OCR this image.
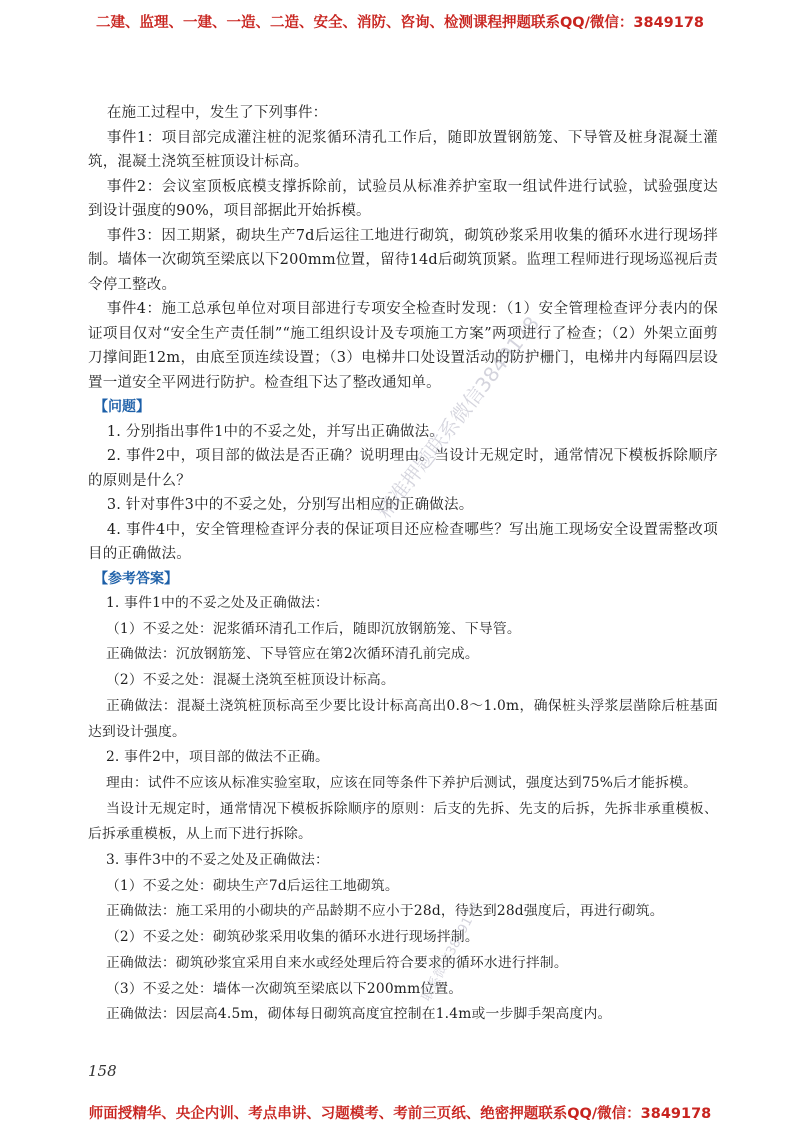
二建、监理、一建、一造、二造、安全、消防、咨询、检测课程押题联系QQ/微信：3849178

在施工过程中，发生了下列事件：

事件1：项目部完成灌注桩的泥浆循环清孔工作后，随即放置钢筋笼、下导管及桩身混凝土灌筑，混凝土浇筑至桩顶设计标高。

事件2：会议室顶板底模支撑拆除前，试验员从标准养护室取一组试件进行试验，试验强度达到设计强度的90%，项目部据此开始拆模。

事件3：因工期紧，砌块生产7d后运往工地进行砌筑，砌筑砂浆采用收集的循环水进行现场拌制。墙体一次砌筑至梁底以下200mm位置，留待14d后砌筑顶紧。监理工程师进行现场巡视后责令停工整改。

事件4：施工总承包单位对项目部进行专项安全检查时发现：（1）安全管理检查评分表内的保证项目仅对“安全生产责任制”“施工组织设计及专项施工方案”两项进行了检查；（2）外架立面剪刀撑间距12m，由底至顶连续设置；（3）电梯井口处设置活动的防护栅门，电梯井内每隔四层设置一道安全平网进行防护。检查组下达了整改通知单。

【问题】

1. 分别指出事件1中的不妥之处，并写出正确做法。

2. 事件2中，项目部的做法是否正确？说明理由。当设计无规定时，通常情况下模板拆除顺序的原则是什么？

3. 针对事件3中的不妥之处，分别写出相应的正确做法。

4. 事件4中，安全管理检查评分表的保证项目还应检查哪些？写出施工现场安全设置需整改项目的正确做法。

【参考答案】

1. 事件1中的不妥之处及正确做法：

（1）不妥之处：泥浆循环清孔工作后，随即沉放钢筋笼、下导管。

正确做法：沉放钢筋笼、下导管应在第2次循环清孔前完成。

（2）不妥之处：混凝土浇筑至桩顶设计标高。

正确做法：混凝土浇筑桩顶标高至少要比设计标高高出0.8～1.0m，确保桩头浮浆层凿除后桩基面达到设计强度。

2. 事件2中，项目部的做法不正确。

理由：试件不应该从标准实验室取，应该在同等条件下养护后测试，强度达到75%后才能拆模。

当设计无规定时，通常情况下模板拆除顺序的原则：后支的先拆、先支的后拆，先拆非承重模板、后拆承重模板，从上而下进行拆除。

3. 事件3中的不妥之处及正确做法：

（1）不妥之处：砌块生产7d后运往工地砌筑。

正确做法：施工采用的小砌块的产品龄期不应小于28d，待达到28d强度后，再进行砌筑。

（2）不妥之处：砌筑砂浆采用收集的循环水进行现场拌制。

正确做法：砌筑砂浆宜采用自来水或经处理后符合要求的循环水进行拌制。

（3）不妥之处：墙体一次砌筑至梁底以下200mm位置。

正确做法：因层高4.5m，砌体每日砌筑高度宜控制在1.4m或一步脚手架高度内。

精准押题联系微信3849178
联系微信3849178
158
师面授精华、央企内训、考点串讲、习题模考、考前三页纸、绝密押题联系QQ/微信：3849178
